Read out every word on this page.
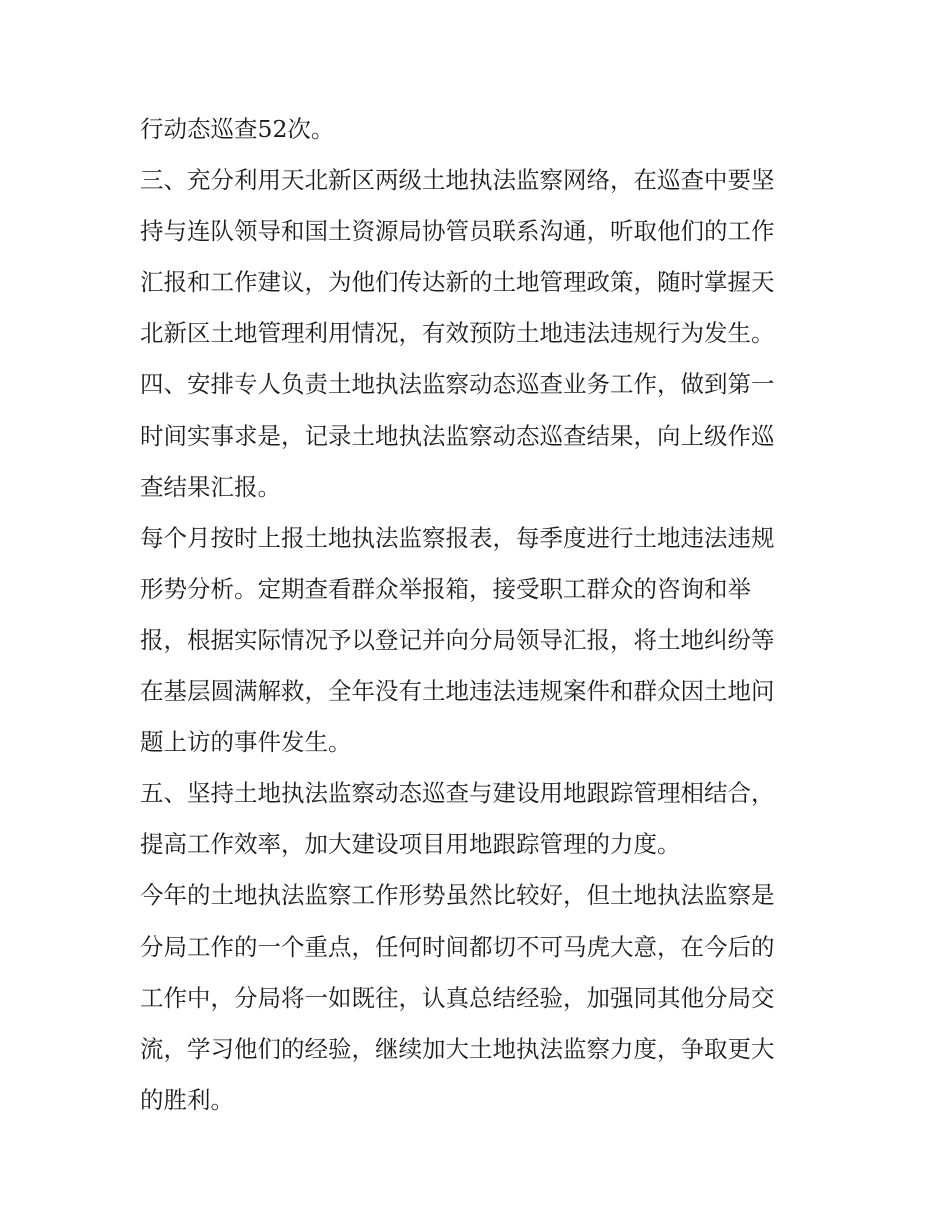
行动态巡查52次。
三、充分利用天北新区两级土地执法监察网络，在巡查中要坚
持与连队领导和国土资源局协管员联系沟通，听取他们的工作
汇报和工作建议，为他们传达新的土地管理政策，随时掌握天
北新区土地管理利用情况，有效预防土地违法违规行为发生。
四、安排专人负责土地执法监察动态巡查业务工作，做到第一
时间实事求是，记录土地执法监察动态巡查结果，向上级作巡
查结果汇报。
每个月按时上报土地执法监察报表，每季度进行土地违法违规
形势分析。定期查看群众举报箱，接受职工群众的咨询和举
报，根据实际情况予以登记并向分局领导汇报，将土地纠纷等
在基层圆满解救，全年没有土地违法违规案件和群众因土地问
题上访的事件发生。
五、坚持土地执法监察动态巡查与建设用地跟踪管理相结合，
提高工作效率，加大建设项目用地跟踪管理的力度。
今年的土地执法监察工作形势虽然比较好，但土地执法监察是
分局工作的一个重点，任何时间都切不可马虎大意，在今后的
工作中，分局将一如既往，认真总结经验，加强同其他分局交
流，学习他们的经验，继续加大土地执法监察力度，争取更大
的胜利。
